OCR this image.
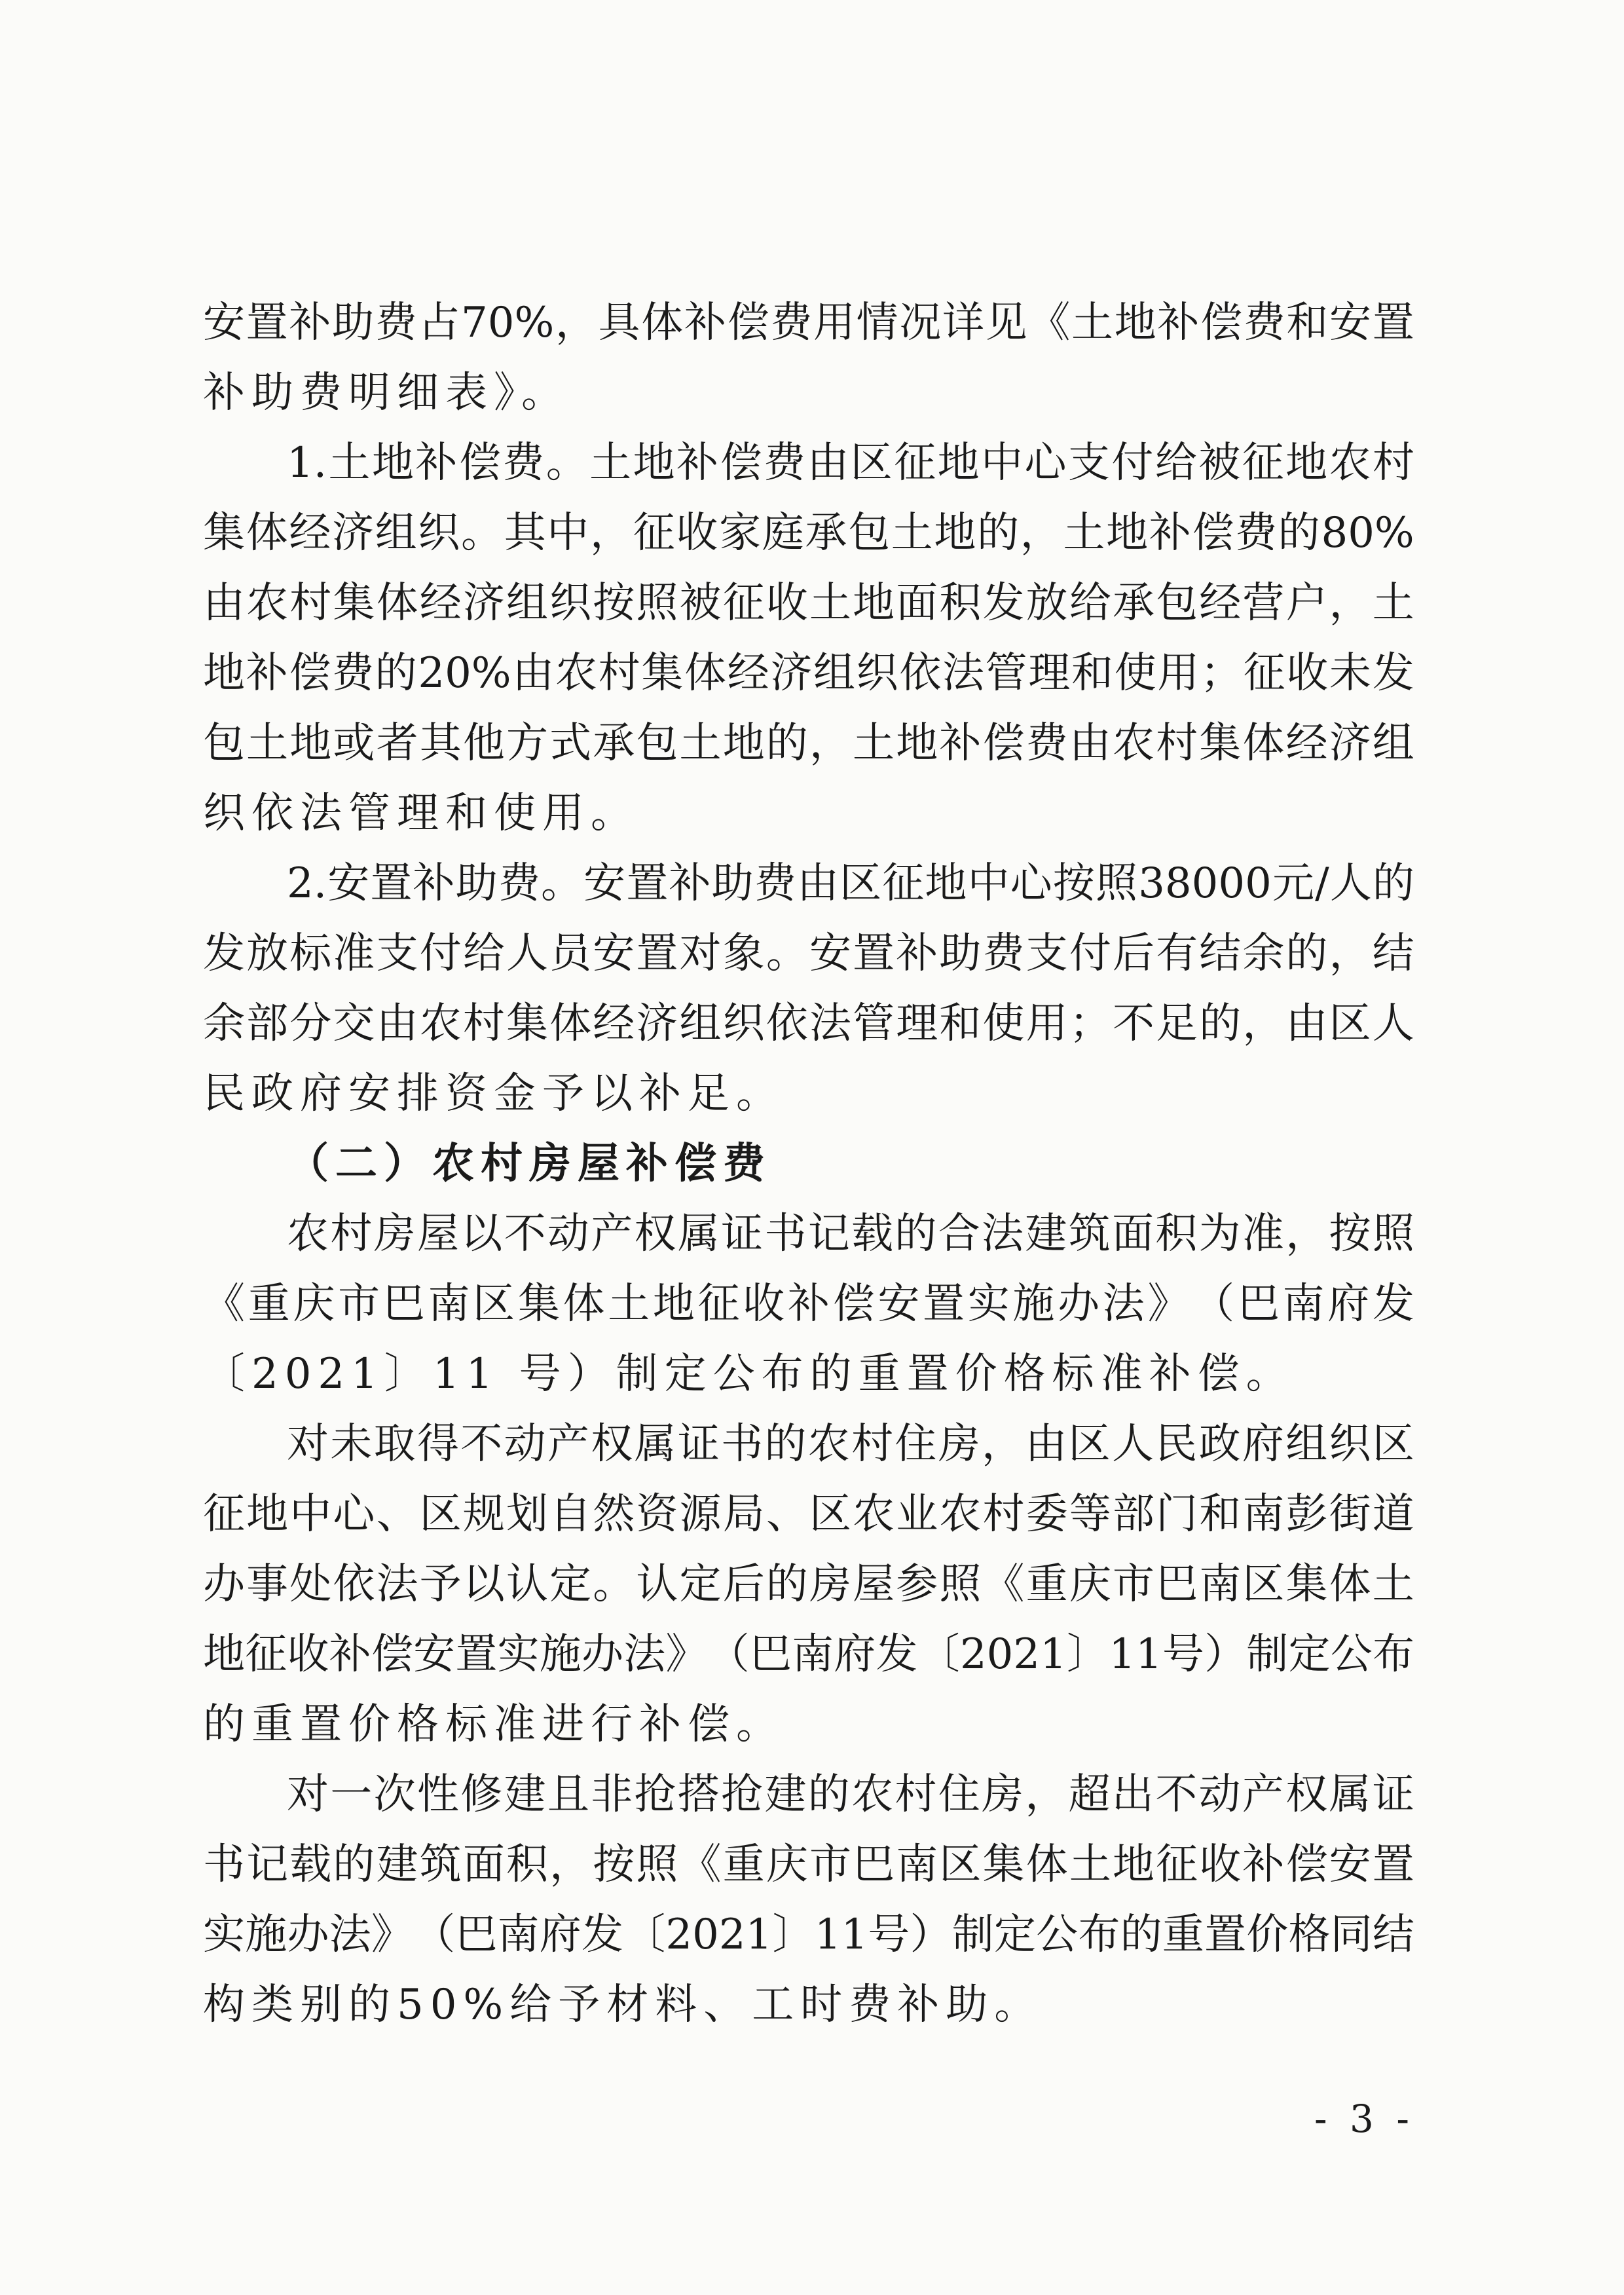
安 置 补 助 费 占 70% ， 具 体 补 偿 费 用 情 况 详 见 《 土 地 补 偿 费 和 安 置
补助费明细表》。
1. 土 地 补 偿 费 。 土 地 补 偿 费 由 区 征 地 中 心 支 付 给 被 征 地 农 村
集 体 经 济 组 织 。 其 中 ， 征 收 家 庭 承 包 土 地 的 ， 土 地 补 偿 费 的 80%
由 农 村 集 体 经 济 组 织 按 照 被 征 收 土 地 面 积 发 放 给 承 包 经 营 户 ， 土
地 补 偿 费 的 20% 由 农 村 集 体 经 济 组 织 依 法 管 理 和 使 用 ； 征 收 未 发
包 土 地 或 者 其 他 方 式 承 包 土 地 的 ， 土 地 补 偿 费 由 农 村 集 体 经 济 组
织依法管理和使用。
2. 安 置 补 助 费 。 安 置 补 助 费 由 区 征 地 中 心 按 照 38000 元 / 人 的
发 放 标 准 支 付 给 人 员 安 置 对 象 。 安 置 补 助 费 支 付 后 有 结 余 的 ， 结
余 部 分 交 由 农 村 集 体 经 济 组 织 依 法 管 理 和 使 用 ； 不 足 的 ， 由 区 人
民政府安排资金予以补足。
（二）农村房屋补偿费
农 村 房 屋 以 不 动 产 权 属 证 书 记 载 的 合 法 建 筑 面 积 为 准 ， 按 照
《 重 庆 市 巴 南 区 集 体 土 地 征 收 补 偿 安 置 实 施 办 法 》 （ 巴 南 府 发
〔2021〕11 号）制定公布的重置价格标准补偿。
对 未 取 得 不 动 产 权 属 证 书 的 农 村 住 房 ， 由 区 人 民 政 府 组 织 区
征 地 中 心 、 区 规 划 自 然 资 源 局 、 区 农 业 农 村 委 等 部 门 和 南 彭 街 道
办 事 处 依 法 予 以 认 定 。 认 定 后 的 房 屋 参 照 《 重 庆 市 巴 南 区 集 体 土
地 征 收 补 偿 安 置 实 施 办 法 》 （ 巴 南 府 发 〔 2021 〕 11 号 ） 制 定 公 布
的重置价格标准进行补偿。
对 一 次 性 修 建 且 非 抢 搭 抢 建 的 农 村 住 房 ， 超 出 不 动 产 权 属 证
书 记 载 的 建 筑 面 积 ， 按 照 《 重 庆 市 巴 南 区 集 体 土 地 征 收 补 偿 安 置
实 施 办 法 》 （ 巴 南 府 发 〔 2021 〕 11 号 ） 制 定 公 布 的 重 置 价 格 同 结
构类别的50%给予材料、工时费补助。
- 3 -
